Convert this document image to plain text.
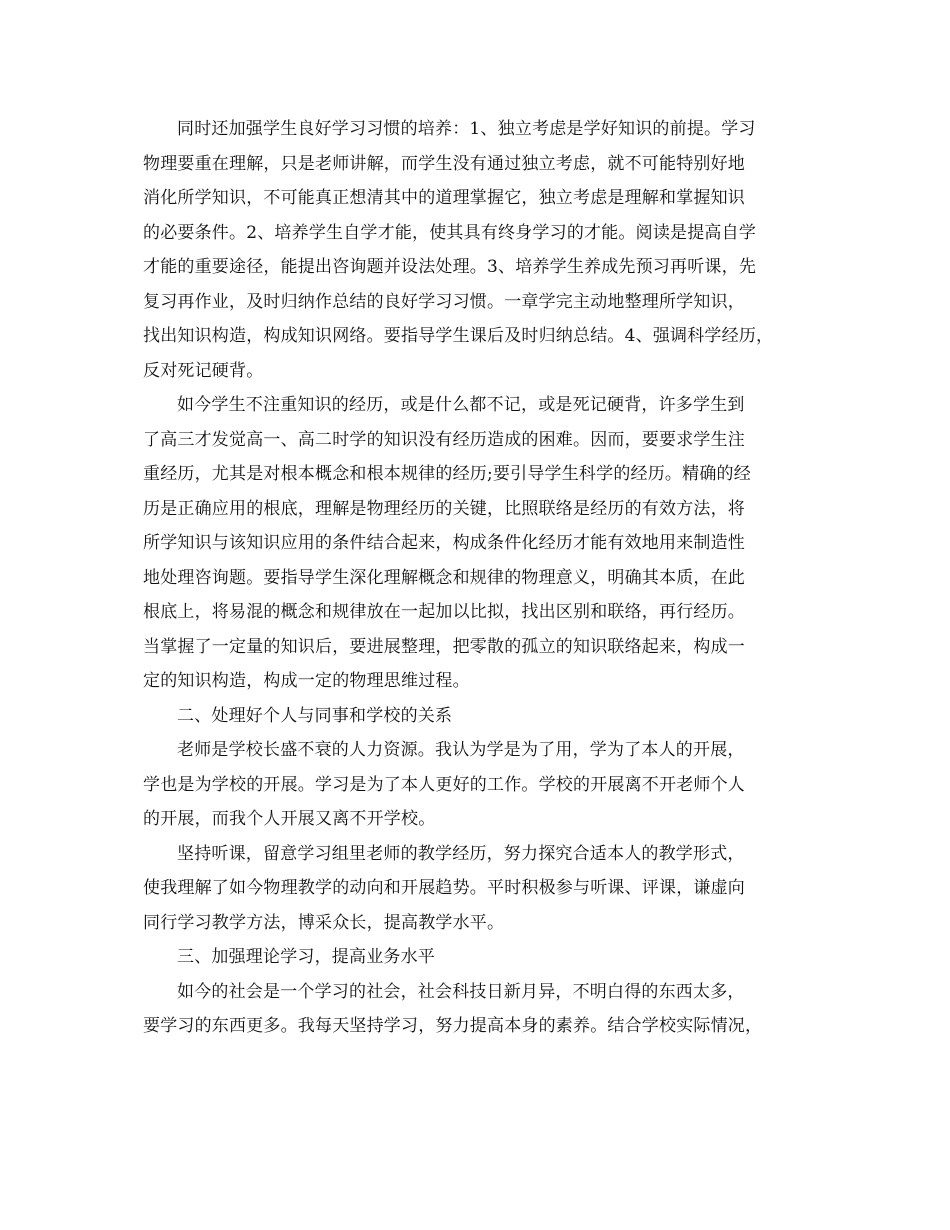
同时还加强学生良好学习习惯的培养：1、独立考虑是学好知识的前提。学习
物理要重在理解，只是老师讲解，而学生没有通过独立考虑，就不可能特别好地
消化所学知识，不可能真正想清其中的道理掌握它，独立考虑是理解和掌握知识
的必要条件。2、培养学生自学才能，使其具有终身学习的才能。阅读是提高自学
才能的重要途径，能提出咨询题并设法处理。3、培养学生养成先预习再听课，先
复习再作业，及时归纳作总结的良好学习习惯。一章学完主动地整理所学知识，
找出知识构造，构成知识网络。要指导学生课后及时归纳总结。4、强调科学经历，
反对死记硬背。
如今学生不注重知识的经历，或是什么都不记，或是死记硬背，许多学生到
了高三才发觉高一、高二时学的知识没有经历造成的困难。因而，要要求学生注
重经历，尤其是对根本概念和根本规律的经历;要引导学生科学的经历。精确的经
历是正确应用的根底，理解是物理经历的关键，比照联络是经历的有效方法，将
所学知识与该知识应用的条件结合起来，构成条件化经历才能有效地用来制造性
地处理咨询题。要指导学生深化理解概念和规律的物理意义，明确其本质，在此
根底上，将易混的概念和规律放在一起加以比拟，找出区别和联络，再行经历。
当掌握了一定量的知识后，要进展整理，把零散的孤立的知识联络起来，构成一
定的知识构造，构成一定的物理思维过程。
二、处理好个人与同事和学校的关系
老师是学校长盛不衰的人力资源。我认为学是为了用，学为了本人的开展，
学也是为学校的开展。学习是为了本人更好的工作。学校的开展离不开老师个人
的开展，而我个人开展又离不开学校。
坚持听课，留意学习组里老师的教学经历，努力探究合适本人的教学形式，
使我理解了如今物理教学的动向和开展趋势。平时积极参与听课、评课，谦虚向
同行学习教学方法，博采众长，提高教学水平。
三、加强理论学习，提高业务水平
如今的社会是一个学习的社会，社会科技日新月异，不明白得的东西太多，
要学习的东西更多。我每天坚持学习，努力提高本身的素养。结合学校实际情况，
